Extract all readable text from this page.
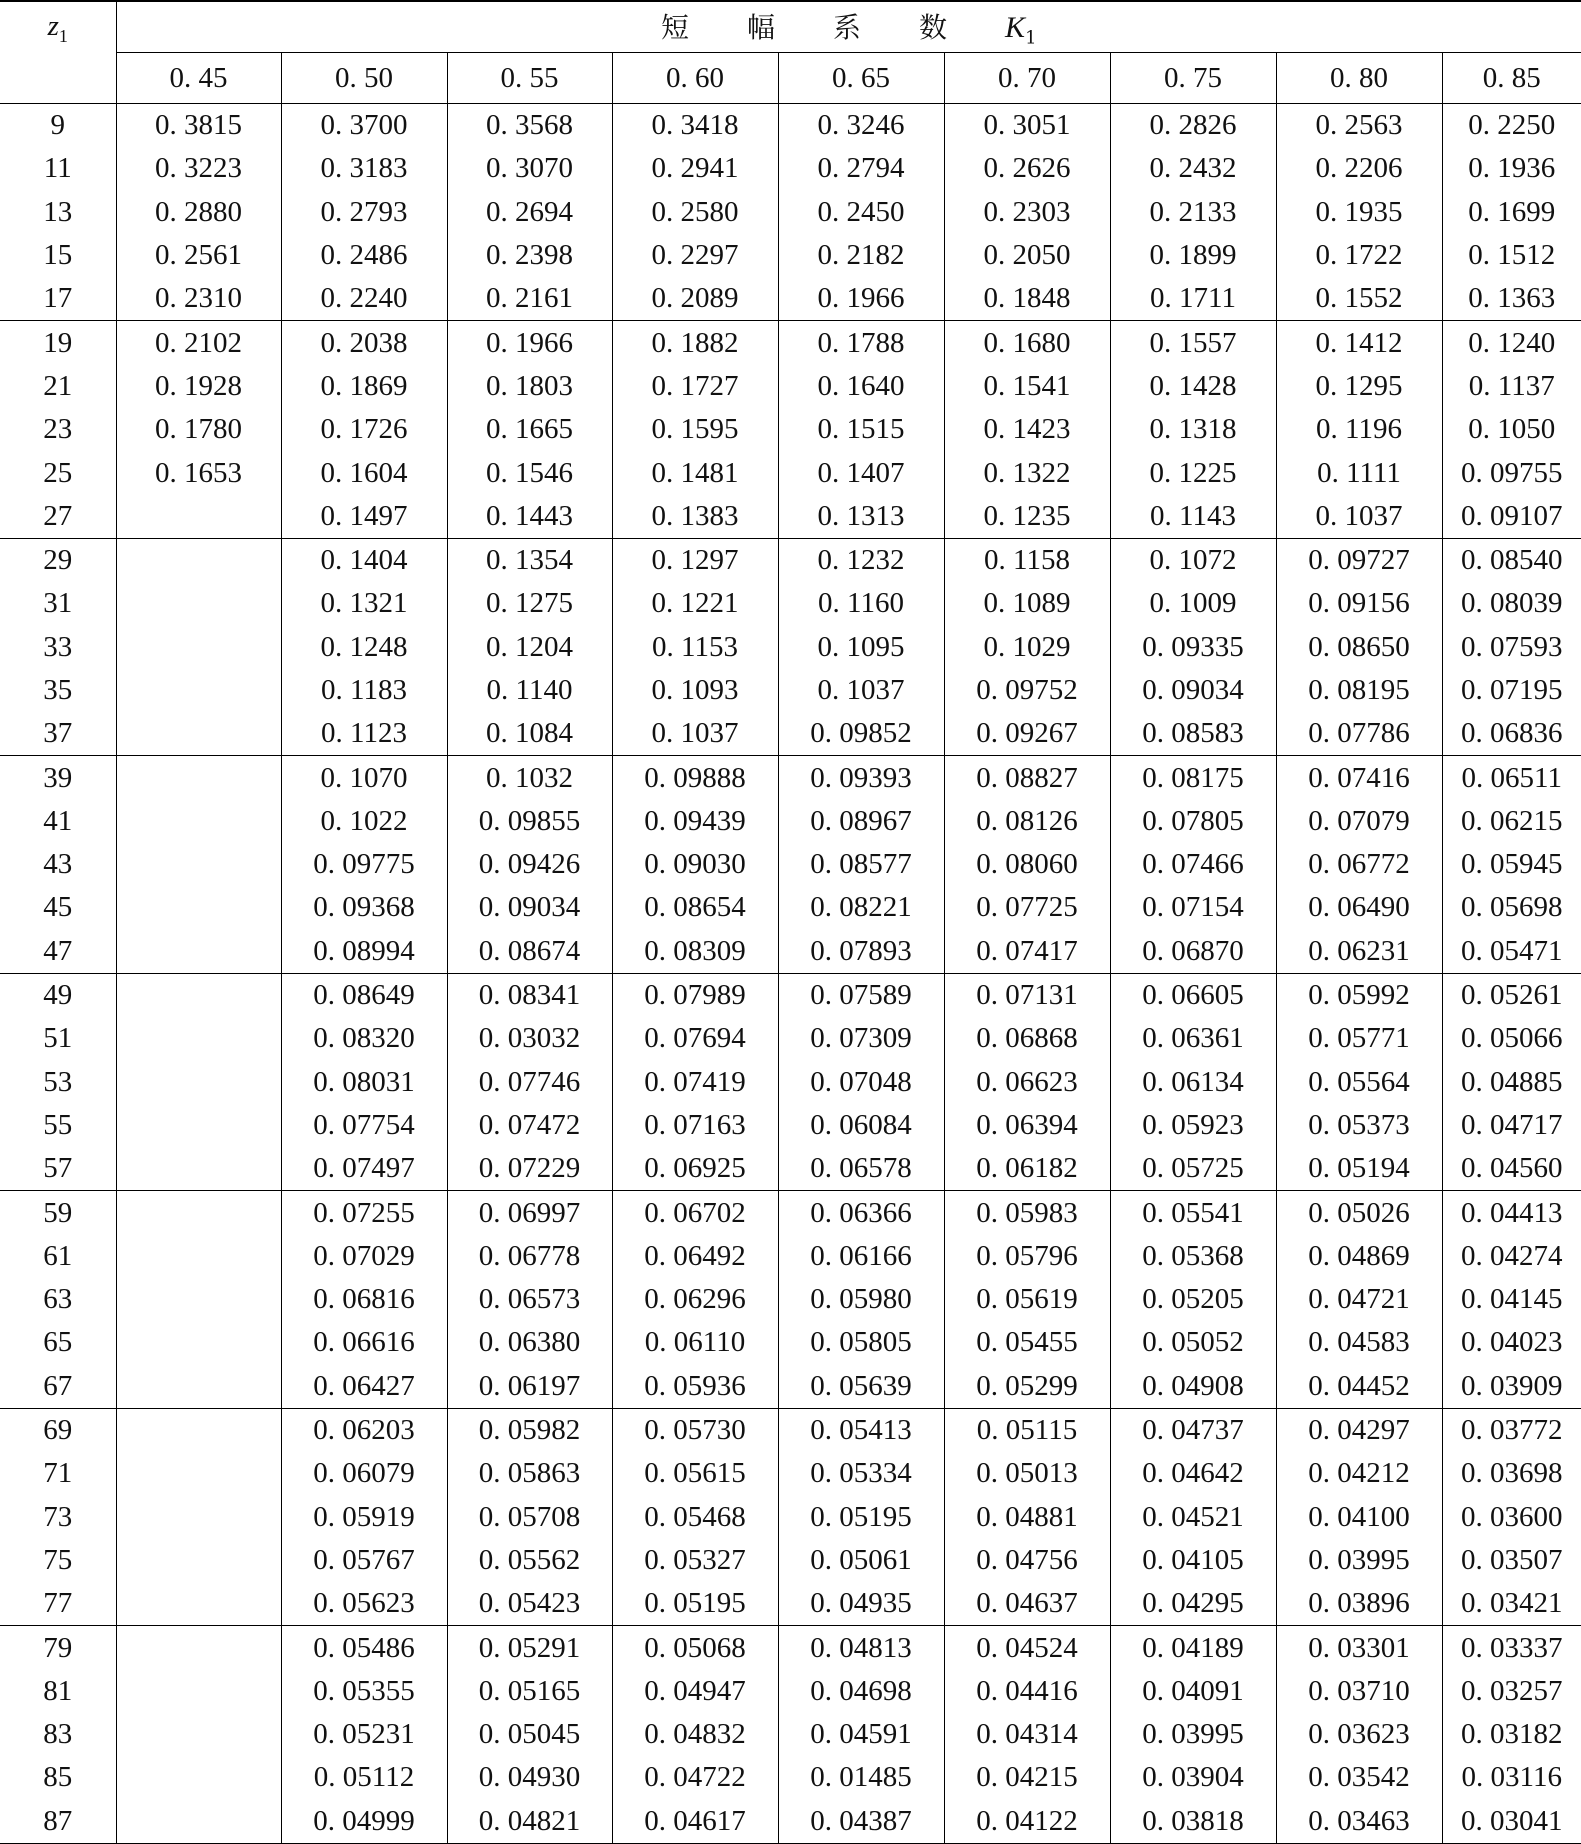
$z_1$	短 幅 系 数 $K_1$
	0. 45	0. 50	0. 55	0. 60	0. 65	0. 70	0. 75	0. 80	0. 85
9	0. 3815	0. 3700	0. 3568	0. 3418	0. 3246	0. 3051	0. 2826	0. 2563	0. 2250
11	0. 3223	0. 3183	0. 3070	0. 2941	0. 2794	0. 2626	0. 2432	0. 2206	0. 1936
13	0. 2880	0. 2793	0. 2694	0. 2580	0. 2450	0. 2303	0. 2133	0. 1935	0. 1699
15	0. 2561	0. 2486	0. 2398	0. 2297	0. 2182	0. 2050	0. 1899	0. 1722	0. 1512
17	0. 2310	0. 2240	0. 2161	0. 2089	0. 1966	0. 1848	0. 1711	0. 1552	0. 1363
19	0. 2102	0. 2038	0. 1966	0. 1882	0. 1788	0. 1680	0. 1557	0. 1412	0. 1240
21	0. 1928	0. 1869	0. 1803	0. 1727	0. 1640	0. 1541	0. 1428	0. 1295	0. 1137
23	0. 1780	0. 1726	0. 1665	0. 1595	0. 1515	0. 1423	0. 1318	0. 1196	0. 1050
25	0. 1653	0. 1604	0. 1546	0. 1481	0. 1407	0. 1322	0. 1225	0. 1111	0. 09755
27		0. 1497	0. 1443	0. 1383	0. 1313	0. 1235	0. 1143	0. 1037	0. 09107
29		0. 1404	0. 1354	0. 1297	0. 1232	0. 1158	0. 1072	0. 09727	0. 08540
31		0. 1321	0. 1275	0. 1221	0. 1160	0. 1089	0. 1009	0. 09156	0. 08039
33		0. 1248	0. 1204	0. 1153	0. 1095	0. 1029	0. 09335	0. 08650	0. 07593
35		0. 1183	0. 1140	0. 1093	0. 1037	0. 09752	0. 09034	0. 08195	0. 07195
37		0. 1123	0. 1084	0. 1037	0. 09852	0. 09267	0. 08583	0. 07786	0. 06836
39		0. 1070	0. 1032	0. 09888	0. 09393	0. 08827	0. 08175	0. 07416	0. 06511
41		0. 1022	0. 09855	0. 09439	0. 08967	0. 08126	0. 07805	0. 07079	0. 06215
43		0. 09775	0. 09426	0. 09030	0. 08577	0. 08060	0. 07466	0. 06772	0. 05945
45		0. 09368	0. 09034	0. 08654	0. 08221	0. 07725	0. 07154	0. 06490	0. 05698
47		0. 08994	0. 08674	0. 08309	0. 07893	0. 07417	0. 06870	0. 06231	0. 05471
49		0. 08649	0. 08341	0. 07989	0. 07589	0. 07131	0. 06605	0. 05992	0. 05261
51		0. 08320	0. 03032	0. 07694	0. 07309	0. 06868	0. 06361	0. 05771	0. 05066
53		0. 08031	0. 07746	0. 07419	0. 07048	0. 06623	0. 06134	0. 05564	0. 04885
55		0. 07754	0. 07472	0. 07163	0. 06084	0. 06394	0. 05923	0. 05373	0. 04717
57		0. 07497	0. 07229	0. 06925	0. 06578	0. 06182	0. 05725	0. 05194	0. 04560
59		0. 07255	0. 06997	0. 06702	0. 06366	0. 05983	0. 05541	0. 05026	0. 04413
61		0. 07029	0. 06778	0. 06492	0. 06166	0. 05796	0. 05368	0. 04869	0. 04274
63		0. 06816	0. 06573	0. 06296	0. 05980	0. 05619	0. 05205	0. 04721	0. 04145
65		0. 06616	0. 06380	0. 06110	0. 05805	0. 05455	0. 05052	0. 04583	0. 04023
67		0. 06427	0. 06197	0. 05936	0. 05639	0. 05299	0. 04908	0. 04452	0. 03909
69		0. 06203	0. 05982	0. 05730	0. 05413	0. 05115	0. 04737	0. 04297	0. 03772
71		0. 06079	0. 05863	0. 05615	0. 05334	0. 05013	0. 04642	0. 04212	0. 03698
73		0. 05919	0. 05708	0. 05468	0. 05195	0. 04881	0. 04521	0. 04100	0. 03600
75		0. 05767	0. 05562	0. 05327	0. 05061	0. 04756	0. 04105	0. 03995	0. 03507
77		0. 05623	0. 05423	0. 05195	0. 04935	0. 04637	0. 04295	0. 03896	0. 03421
79		0. 05486	0. 05291	0. 05068	0. 04813	0. 04524	0. 04189	0. 03301	0. 03337
81		0. 05355	0. 05165	0. 04947	0. 04698	0. 04416	0. 04091	0. 03710	0. 03257
83		0. 05231	0. 05045	0. 04832	0. 04591	0. 04314	0. 03995	0. 03623	0. 03182
85		0. 05112	0. 04930	0. 04722	0. 01485	0. 04215	0. 03904	0. 03542	0. 03116
87		0. 04999	0. 04821	0. 04617	0. 04387	0. 04122	0. 03818	0. 03463	0. 03041
